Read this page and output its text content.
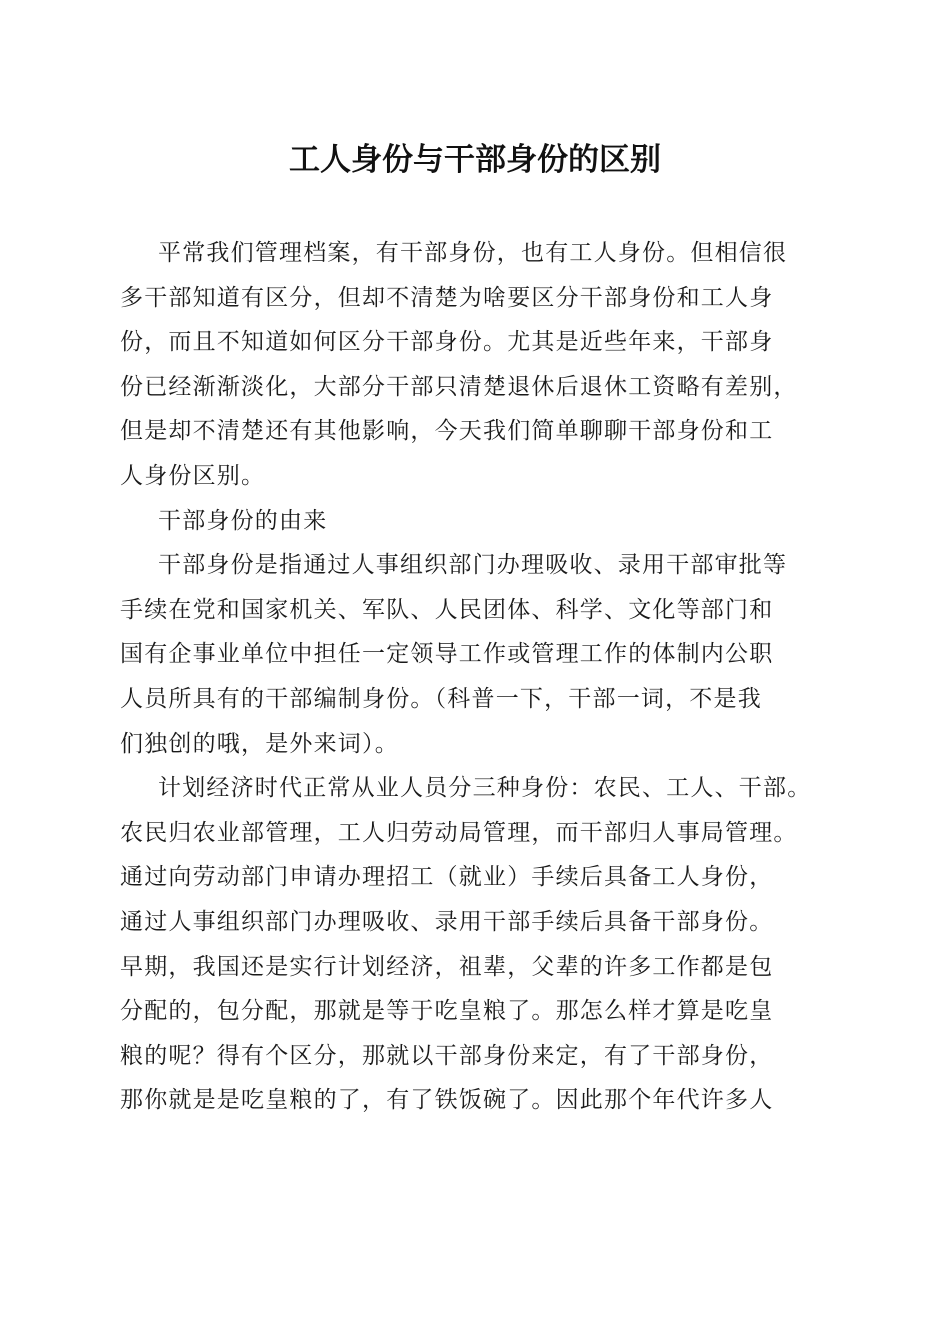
工人身份与干部身份的区别

平常我们管理档案，有干部身份，也有工人身份。但相信很

多干部知道有区分，但却不清楚为啥要区分干部身份和工人身

份，而且不知道如何区分干部身份。尤其是近些年来，干部身

份已经渐渐淡化，大部分干部只清楚退休后退休工资略有差别，

但是却不清楚还有其他影响，今天我们简单聊聊干部身份和工

人身份区别。

干部身份的由来

干部身份是指通过人事组织部门办理吸收、录用干部审批等

手续在党和国家机关、军队、人民团体、科学、文化等部门和

国有企事业单位中担任一定领导工作或管理工作的体制内公职

人员所具有的干部编制身份。（科普一下，干部一词，不是我

们独创的哦，是外来词）。

计划经济时代正常从业人员分三种身份：农民、工人、干部。

农民归农业部管理，工人归劳动局管理，而干部归人事局管理。

通过向劳动部门申请办理招工（就业）手续后具备工人身份，

通过人事组织部门办理吸收、录用干部手续后具备干部身份。

早期，我国还是实行计划经济，祖辈，父辈的许多工作都是包

分配的，包分配，那就是等于吃皇粮了。那怎么样才算是吃皇

粮的呢？得有个区分，那就以干部身份来定，有了干部身份，

那你就是是吃皇粮的了，有了铁饭碗了。因此那个年代许多人
